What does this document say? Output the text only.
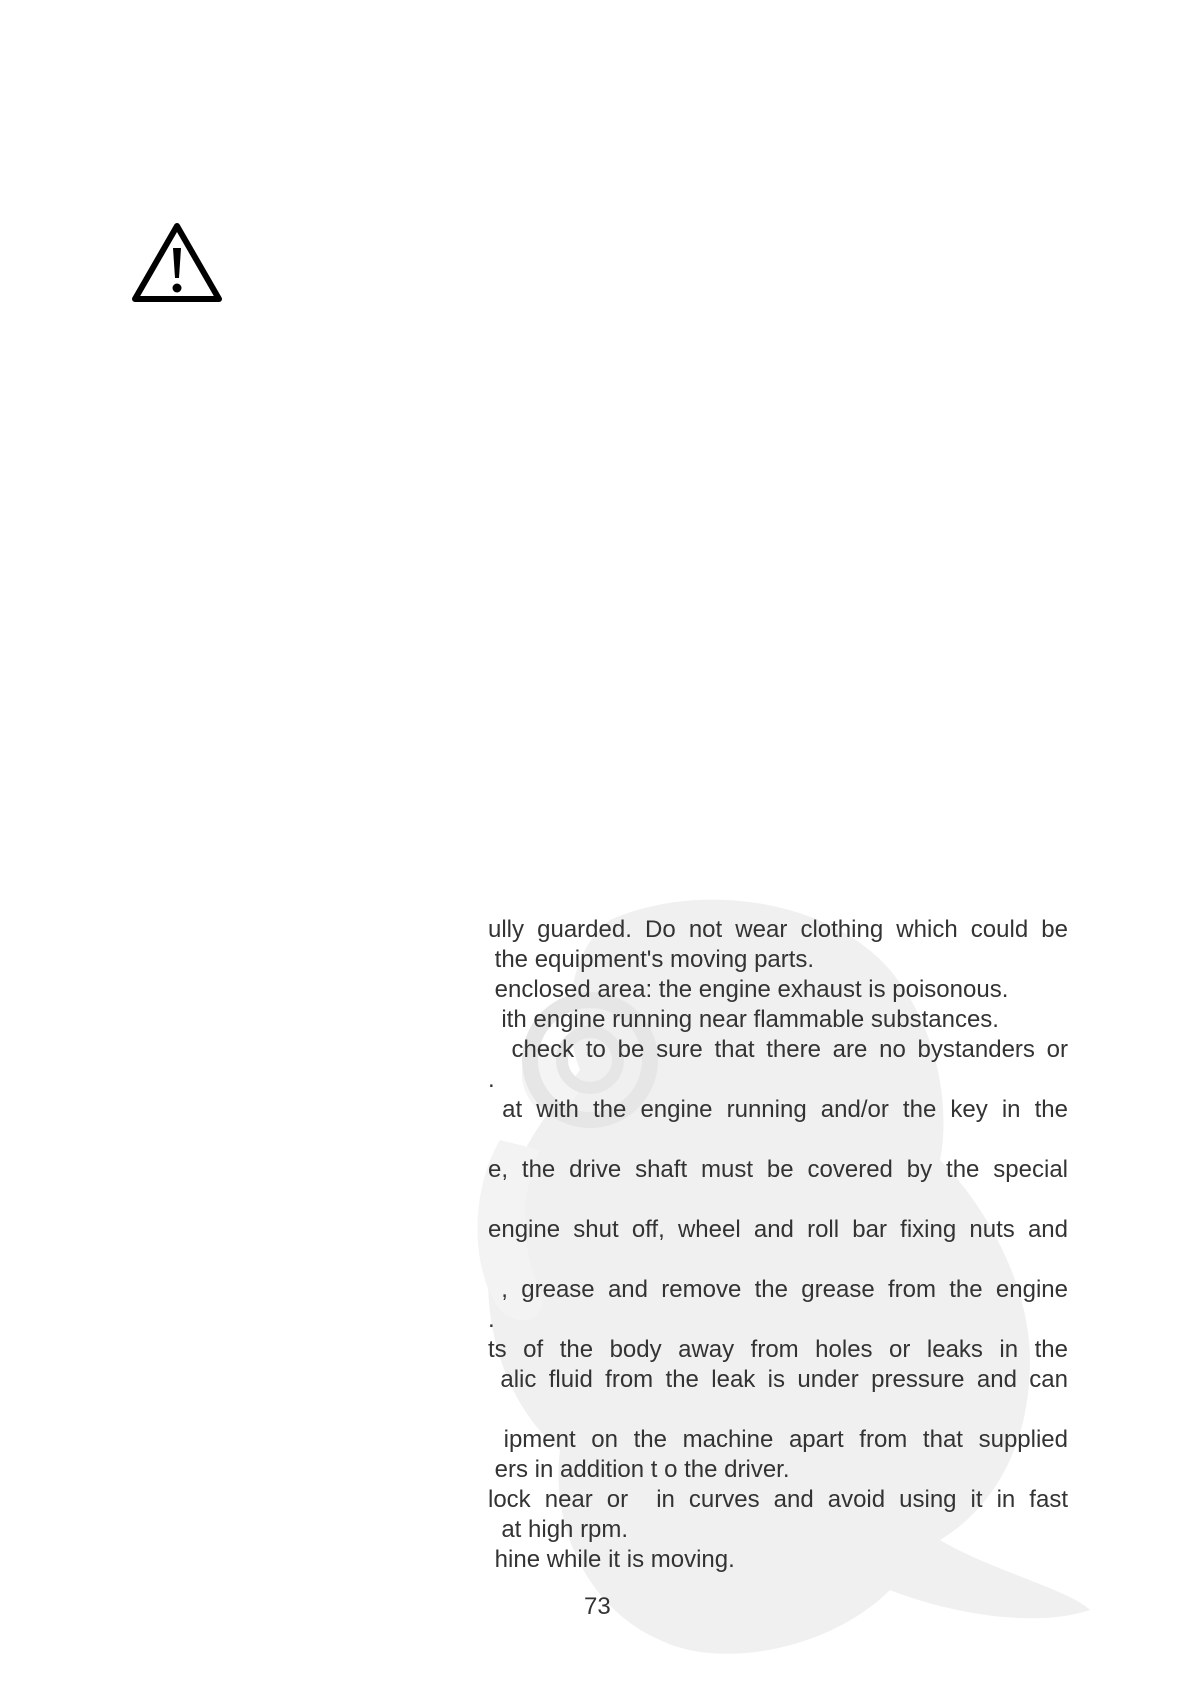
ully guarded. Do not wear clothing which could be
the equipment's moving parts.
enclosed area: the engine exhaust is poisonous.
ith engine running near flammable substances.
check to be sure that there are no bystanders or
.
at with the engine running and/or the key in the
e, the drive shaft must be covered by the special
engine shut off, wheel and roll bar fixing nuts and
, grease and remove the grease from the engine
.
ts of the body away from holes or leaks in the
alic fluid from the leak is under pressure and can
ipment on the machine apart from that supplied
ers in addition t o the driver.
lock near or  in curves and avoid using it in fast
at high rpm.
hine while it is moving.
73
